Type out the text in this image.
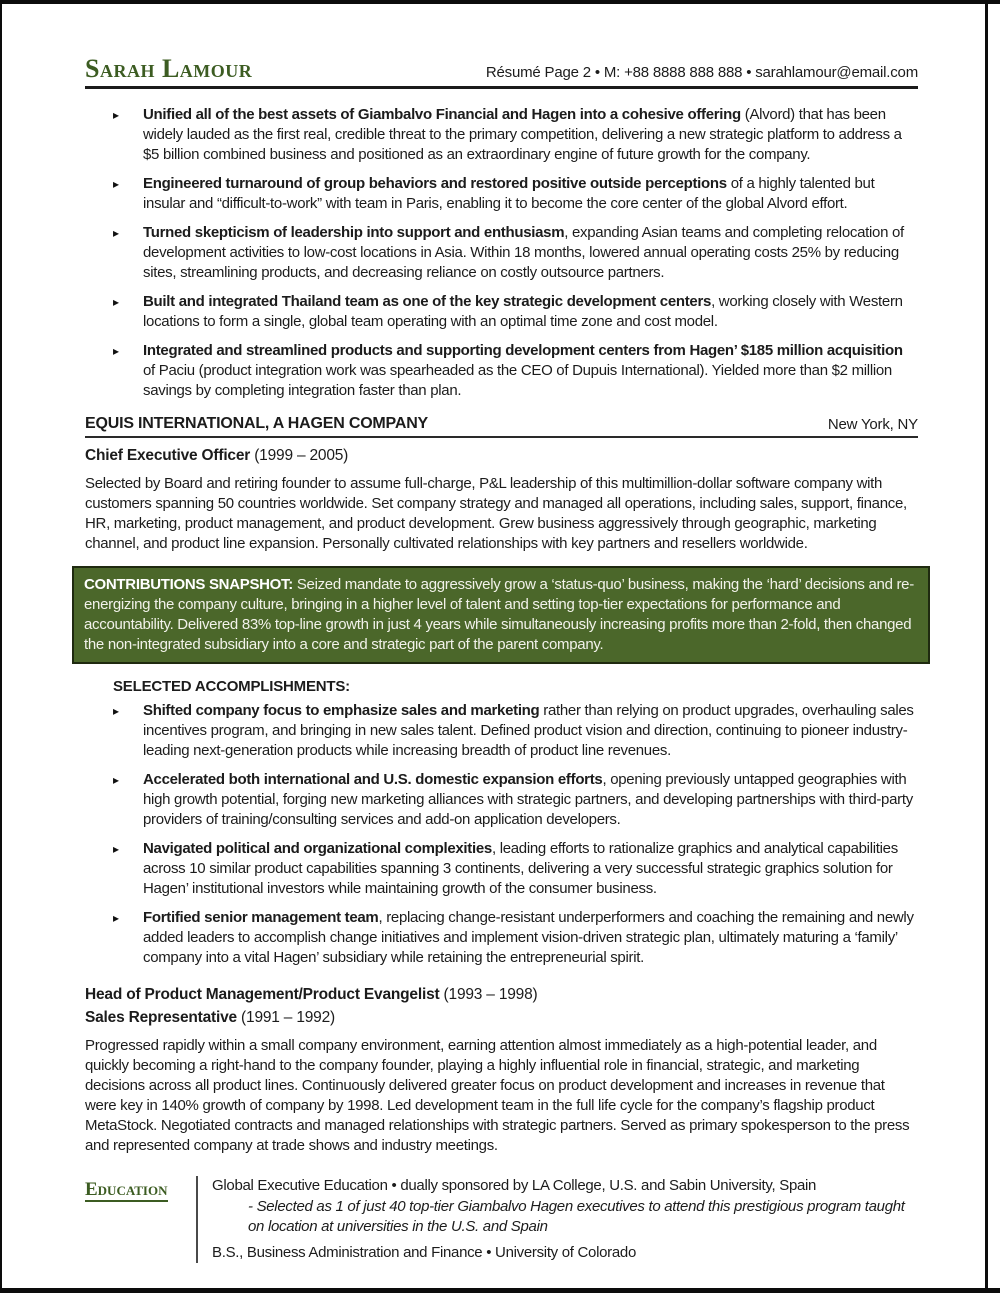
Sarah Lamour	Résumé Page 2 • M: +88 8888 888 888 • sarahlamour@email.com
▸	Unified all of the best assets of Giambalvo Financial and Hagen into a cohesive offering (Alvord) that has been widely lauded as the first real, credible threat to the primary competition, delivering a new strategic platform to address a $5 billion combined business and positioned as an extraordinary engine of future growth for the company.

▸	Engineered turnaround of group behaviors and restored positive outside perceptions of a highly talented but insular and “difficult-to-work” with team in Paris, enabling it to become the core center of the global Alvord effort.

▸	Turned skepticism of leadership into support and enthusiasm, expanding Asian teams and completing relocation of development activities to low-cost locations in Asia. Within 18 months, lowered annual operating costs 25% by reducing sites, streamlining products, and decreasing reliance on costly outsource partners.

▸	Built and integrated Thailand team as one of the key strategic development centers, working closely with Western locations to form a single, global team operating with an optimal time zone and cost model.

▸	Integrated and streamlined products and supporting development centers from Hagen’ $185 million acquisition of Paciu (product integration work was spearheaded as the CEO of Dupuis International). Yielded more than $2 million savings by completing integration faster than plan.

EQUIS INTERNATIONAL, A HAGEN COMPANY	New York, NY
Chief Executive Officer (1999 – 2005)

Selected by Board and retiring founder to assume full-charge, P&L leadership of this multimillion-dollar software company with customers spanning 50 countries worldwide. Set company strategy and managed all operations, including sales, support, finance, HR, marketing, product management, and product development. Grew business aggressively through geographic, marketing channel, and product line expansion. Personally cultivated relationships with key partners and resellers worldwide.

CONTRIBUTIONS SNAPSHOT: Seized mandate to aggressively grow a ‘status-quo’ business, making the ‘hard’ decisions and re-energizing the company culture, bringing in a higher level of talent and setting top-tier expectations for performance and accountability. Delivered 83% top-line growth in just 4 years while simultaneously increasing profits more than 2-fold, then changed the non-integrated subsidiary into a core and strategic part of the parent company.
SELECTED ACCOMPLISHMENTS:
▸	Shifted company focus to emphasize sales and marketing rather than relying on product upgrades, overhauling sales incentives program, and bringing in new sales talent. Defined product vision and direction, continuing to pioneer industry-leading next-generation products while increasing breadth of product line revenues.

▸	Accelerated both international and U.S. domestic expansion efforts, opening previously untapped geographies with high growth potential, forging new marketing alliances with strategic partners, and developing partnerships with third-party providers of training/consulting services and add-on application developers.

▸	Navigated political and organizational complexities, leading efforts to rationalize graphics and analytical capabilities across 10 similar product capabilities spanning 3 continents, delivering a very successful strategic graphics solution for Hagen’ institutional investors while maintaining growth of the consumer business.

▸	Fortified senior management team, replacing change-resistant underperformers and coaching the remaining and newly added leaders to accomplish change initiatives and implement vision-driven strategic plan, ultimately maturing a ‘family’ company into a vital Hagen’ subsidiary while retaining the entrepreneurial spirit.

Head of Product Management/Product Evangelist (1993 – 1998)
Sales Representative (1991 – 1992)

Progressed rapidly within a small company environment, earning attention almost immediately as a high-potential leader, and quickly becoming a right-hand to the company founder, playing a highly influential role in financial, strategic, and marketing decisions across all product lines. Continuously delivered greater focus on product development and increases in revenue that were key in 140% growth of company by 1998. Led development team in the full life cycle for the company’s flagship product MetaStock. Negotiated contracts and managed relationships with strategic partners. Served as primary spokesperson to the press and represented company at trade shows and industry meetings.

Education	Global Executive Education • dually sponsored by LA College, U.S. and Sabin University, Spain
- Selected as 1 of just 40 top-tier Giambalvo Hagen executives to attend this prestigious program taught on location at universities in the U.S. and Spain
B.S., Business Administration and Finance • University of Colorado
